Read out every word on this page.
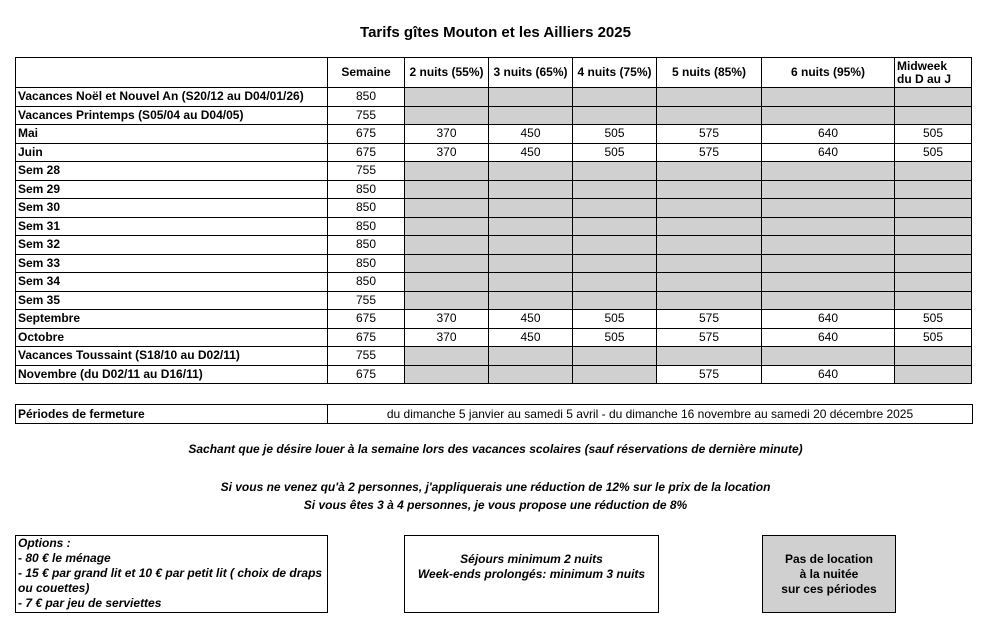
Tarifs gîtes Mouton et les Ailliers 2025
	Semaine	2 nuits (55%)	3 nuits (65%)	4 nuits (75%)	5 nuits (85%)	6 nuits (95%)	Midweek
du D au J

Vacances Noël et Nouvel An (S20/12 au D04/01/26)	850						
Vacances Printemps (S05/04 au D04/05)	755						
Mai	675	370	450	505	575	640	505
Juin	675	370	450	505	575	640	505
Sem 28	755						
Sem 29	850						
Sem 30	850						
Sem 31	850						
Sem 32	850						
Sem 33	850						
Sem 34	850						
Sem 35	755						
Septembre	675	370	450	505	575	640	505
Octobre	675	370	450	505	575	640	505
Vacances Toussaint (S18/10 au D02/11)	755						
Novembre (du D02/11 au D16/11)	675				575	640	
Périodes de fermeture	du dimanche 5 janvier au samedi 5 avril - du dimanche 16 novembre au samedi 20 décembre 2025
Sachant que je désire louer à la semaine lors des vacances scolaires (sauf réservations de dernière minute)
Si vous ne venez qu'à 2 personnes, j'appliquerais une réduction de 12% sur le prix de la location
Si vous êtes 3 à 4 personnes, je vous propose une réduction de 8%
Options :
- 80 € le ménage
- 15 € par grand lit et 10 € par petit lit ( choix de draps ou couettes)
- 7 € par jeu de serviettes
Séjours minimum 2 nuits
Week-ends prolongés: minimum 3 nuits
Pas de location
à la nuitée
sur ces périodes
